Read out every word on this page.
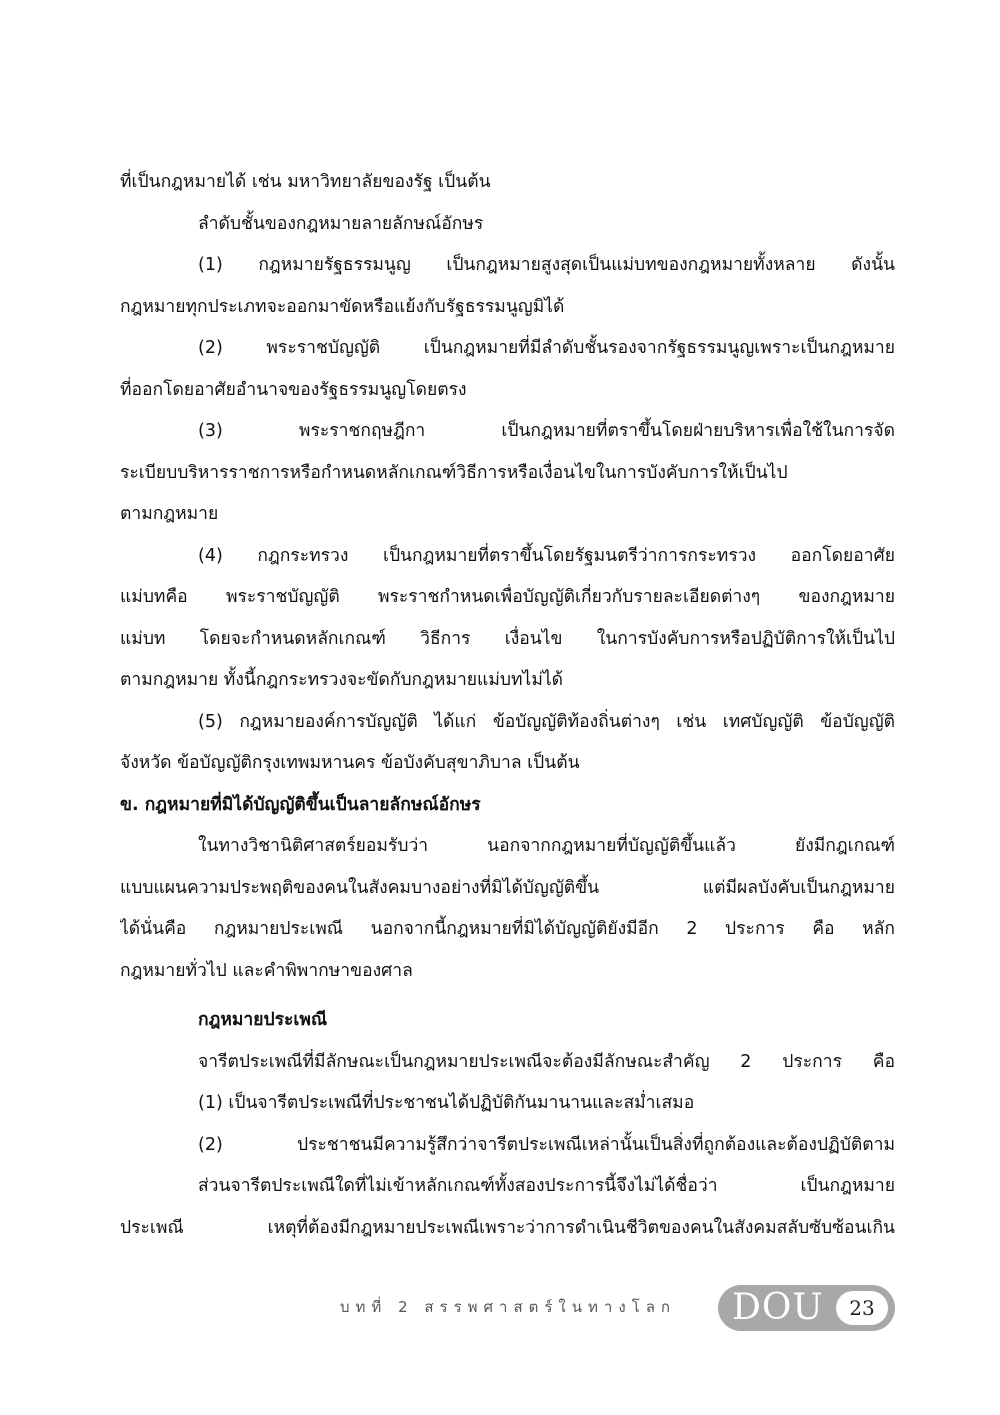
ที่เป็นกฎหมายได้ เช่น มหาวิทยาลัยของรัฐ เป็นต้น
ลำดับชั้นของกฎหมายลายลักษณ์อักษร
(1) กฎหมายรัฐธรรมนูญ เป็นกฎหมายสูงสุดเป็นแม่บทของกฎหมายทั้งหลาย ดังนั้น
กฎหมายทุกประเภทจะออกมาขัดหรือแย้งกับรัฐธรรมนูญมิได้
(2) พระราชบัญญัติ เป็นกฎหมายที่มีลำดับชั้นรองจากรัฐธรรมนูญเพราะเป็นกฎหมาย
ที่ออกโดยอาศัยอำนาจของรัฐธรรมนูญโดยตรง
(3) พระราชกฤษฎีกา เป็นกฎหมายที่ตราขึ้นโดยฝ่ายบริหารเพื่อใช้ในการจัด
ระเบียบบริหารราชการหรือกำหนดหลักเกณฑ์วิธีการหรือเงื่อนไขในการบังคับการให้เป็นไป
ตามกฎหมาย
(4) กฎกระทรวง เป็นกฎหมายที่ตราขึ้นโดยรัฐมนตรีว่าการกระทรวง ออกโดยอาศัย
แม่บทคือ พระราชบัญญัติ พระราชกำหนดเพื่อบัญญัติเกี่ยวกับรายละเอียดต่างๆ ของกฎหมาย
แม่บท โดยจะกำหนดหลักเกณฑ์ วิธีการ เงื่อนไข ในการบังคับการหรือปฏิบัติการให้เป็นไป
ตามกฎหมาย ทั้งนี้กฎกระทรวงจะขัดกับกฎหมายแม่บทไม่ได้
(5) กฎหมายองค์การบัญญัติ ได้แก่ ข้อบัญญัติท้องถิ่นต่างๆ เช่น เทศบัญญัติ ข้อบัญญัติ
จังหวัด ข้อบัญญัติกรุงเทพมหานคร ข้อบังคับสุขาภิบาล เป็นต้น
ข. กฎหมายที่มิได้บัญญัติขึ้นเป็นลายลักษณ์อักษร
ในทางวิชานิติศาสตร์ยอมรับว่า นอกจากกฎหมายที่บัญญัติขึ้นแล้ว ยังมีกฎเกณฑ์
แบบแผนความประพฤติของคนในสังคมบางอย่างที่มิได้บัญญัติขึ้น แต่มีผลบังคับเป็นกฎหมาย
ได้นั่นคือ กฎหมายประเพณี นอกจากนี้กฎหมายที่มิได้บัญญัติยังมีอีก 2 ประการ คือ หลัก
กฎหมายทั่วไป และคำพิพากษาของศาล
กฎหมายประเพณี
จารีตประเพณีที่มีลักษณะเป็นกฎหมายประเพณีจะต้องมีลักษณะสำคัญ 2 ประการ คือ
(1) เป็นจารีตประเพณีที่ประชาชนได้ปฏิบัติกันมานานและสม่ำเสมอ
(2) ประชาชนมีความรู้สึกว่าจารีตประเพณีเหล่านั้นเป็นสิ่งที่ถูกต้องและต้องปฏิบัติตาม
ส่วนจารีตประเพณีใดที่ไม่เข้าหลักเกณฑ์ทั้งสองประการนี้จึงไม่ได้ชื่อว่า เป็นกฎหมาย
ประเพณี เหตุที่ต้องมีกฎหมายประเพณีเพราะว่าการดำเนินชีวิตของคนในสังคมสลับซับซ้อนเกิน
บทที่ 2 สรรพศาสตร์ในทางโลก DOU	23
